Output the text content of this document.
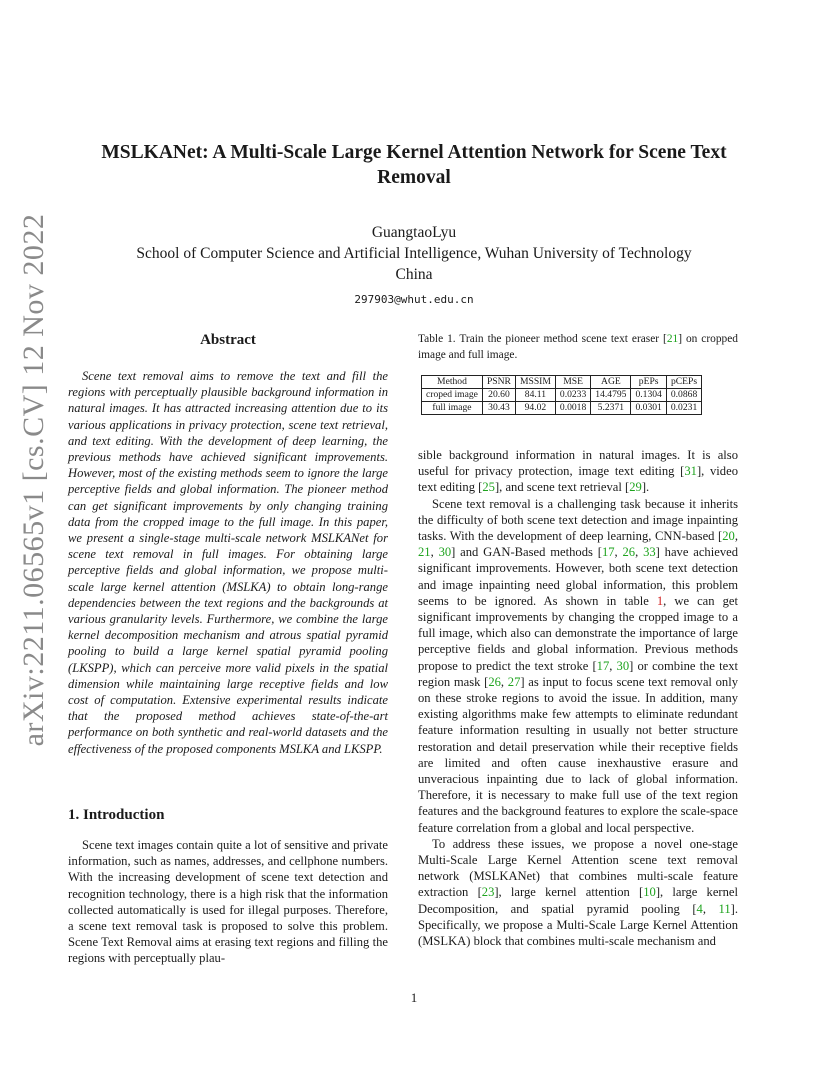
arXiv:2211.06565v1 [cs.CV] 12 Nov 2022
MSLKANet: A Multi-Scale Large Kernel Attention Network for Scene Text
Removal
GuangtaoLyu
School of Computer Science and Artificial Intelligence, Wuhan University of Technology
China
297903@whut.edu.cn
Abstract

Scene text removal aims to remove the text and fill the regions with perceptually plausible background information in natural images. It has attracted increasing attention due to its various applications in privacy protection, scene text retrieval, and text editing. With the development of deep learning, the previous methods have achieved significant improvements. However, most of the existing methods seem to ignore the large perceptive fields and global information. The pioneer method can get significant improvements by only changing training data from the cropped image to the full image. In this paper, we present a single-stage multi-scale network MSLKANet for scene text removal in full images. For obtaining large perceptive fields and global information, we propose multi-scale large kernel attention (MSLKA) to obtain long-range dependencies between the text regions and the backgrounds at various granularity levels. Furthermore, we combine the large kernel decomposition mechanism and atrous spatial pyramid pooling to build a large kernel spatial pyramid pooling (LKSPP), which can perceive more valid pixels in the spatial dimension while maintaining large receptive fields and low cost of computation. Extensive experimental results indicate that the proposed method achieves state-of-the-art performance on both synthetic and real-world datasets and the effectiveness of the proposed components MSLKA and LKSPP.

1. Introduction

Scene text images contain quite a lot of sensitive and private information, such as names, addresses, and cellphone numbers. With the increasing development of scene text detection and recognition technology, there is a high risk that the information collected automatically is used for illegal purposes. Therefore, a scene text removal task is proposed to solve this problem. Scene Text Removal aims at erasing text regions and filling the regions with perceptually plau-

Table 1. Train the pioneer method scene text eraser [21] on cropped image and full image.
Method	PSNR	MSSIM	MSE	AGE	pEPs	pCEPs
croped image	20.60	84.11	0.0233	14.4795	0.1304	0.0868
full image	30.43	94.02	0.0018	5.2371	0.0301	0.0231

sible background information in natural images. It is also useful for privacy protection, image text editing [31], video text editing [25], and scene text retrieval [29].

Scene text removal is a challenging task because it inherits the difficulty of both scene text detection and image inpainting tasks. With the development of deep learning, CNN-based [20, 21, 30] and GAN-Based methods [17, 26, 33] have achieved significant improvements. However, both scene text detection and image inpainting need global information, this problem seems to be ignored. As shown in table 1, we can get significant improvements by changing the cropped image to a full image, which also can demonstrate the importance of large perceptive fields and global information. Previous methods propose to predict the text stroke [17, 30] or combine the text region mask [26, 27] as input to focus scene text removal only on these stroke regions to avoid the issue. In addition, many existing algorithms make few attempts to eliminate redundant feature information resulting in usually not better structure restoration and detail preservation while their receptive fields are limited and often cause inexhaustive erasure and unveracious inpainting due to lack of global information. Therefore, it is necessary to make full use of the text region features and the background features to explore the scale-space feature correlation from a global and local perspective.

To address these issues, we propose a novel one-stage Multi-Scale Large Kernel Attention scene text removal network (MSLKANet) that combines multi-scale feature extraction [23], large kernel attention [10], large kernel Decomposition, and spatial pyramid pooling [4, 11]. Specifically, we propose a Multi-Scale Large Kernel Attention (MSLKA) block that combines multi-scale mechanism and

1
